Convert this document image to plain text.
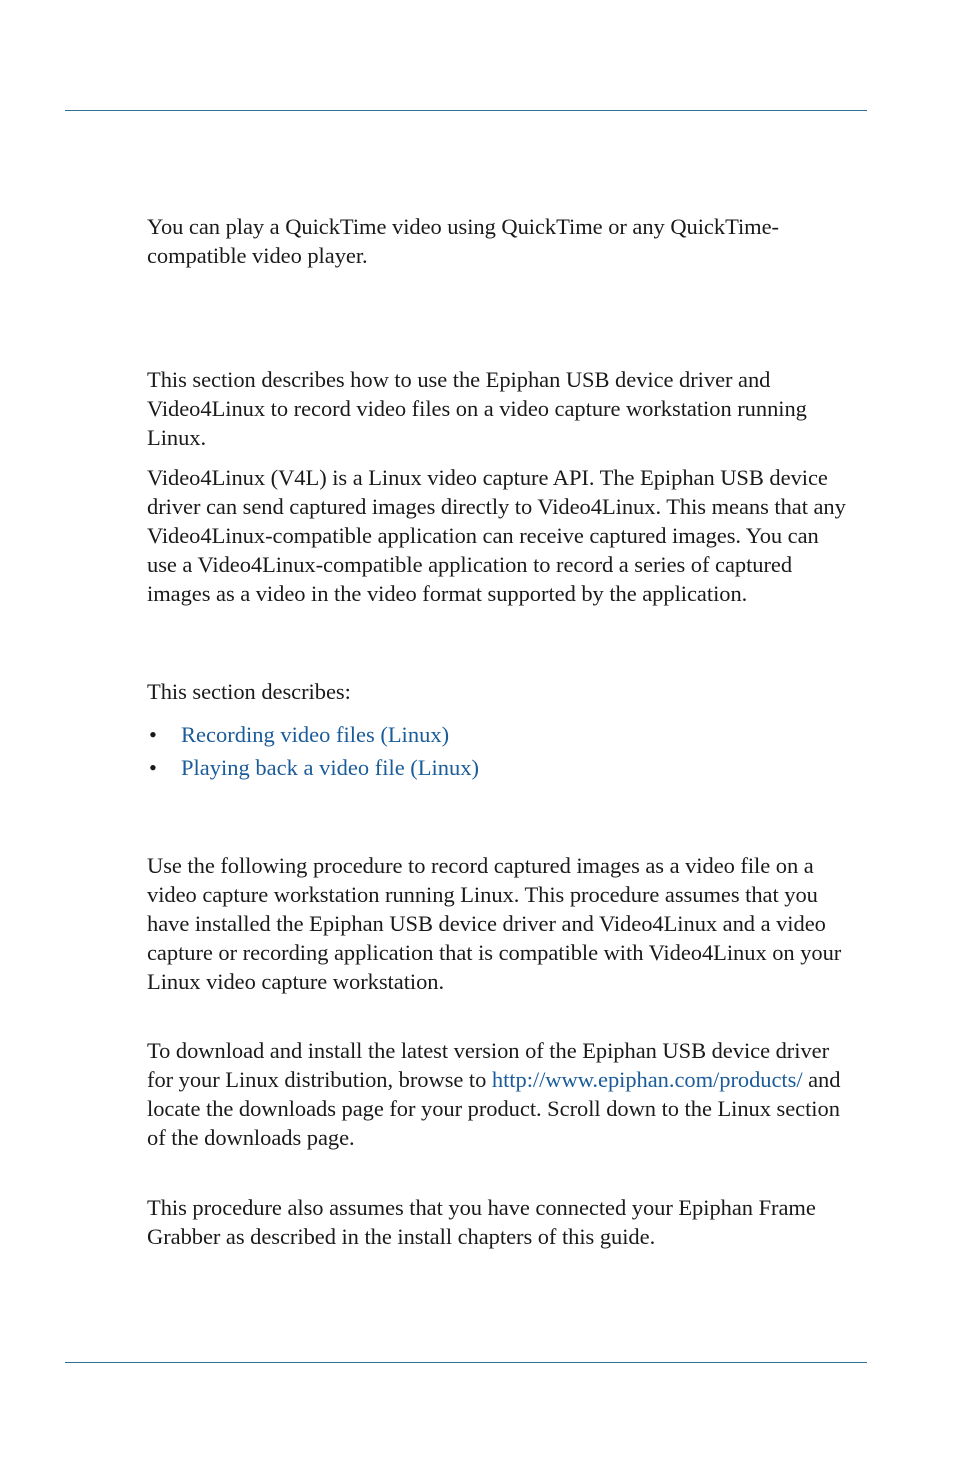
You can play a QuickTime video using QuickTime or any QuickTime-compatible video player.

This section describes how to use the Epiphan USB device driver and Video4Linux to record video files on a video capture workstation running Linux.

Video4Linux (V4L) is a Linux video capture API. The Epiphan USB device driver can send captured images directly to Video4Linux. This means that any Video4Linux-compatible application can receive captured images. You can use a Video4Linux-compatible application to record a series of captured images as a video in the video format supported by the application.

This section describes:

• Recording video files (Linux)
• Playing back a video file (Linux)

Use the following procedure to record captured images as a video file on a video capture workstation running Linux. This procedure assumes that you have installed the Epiphan USB device driver and Video4Linux and a video capture or recording application that is compatible with Video4Linux on your Linux video capture workstation.

To download and install the latest version of the Epiphan USB device driver for your Linux distribution, browse to http://www.epiphan.com/products/ and locate the downloads page for your product. Scroll down to the Linux section of the downloads page.

This procedure also assumes that you have connected your Epiphan Frame Grabber as described in the install chapters of this guide.
